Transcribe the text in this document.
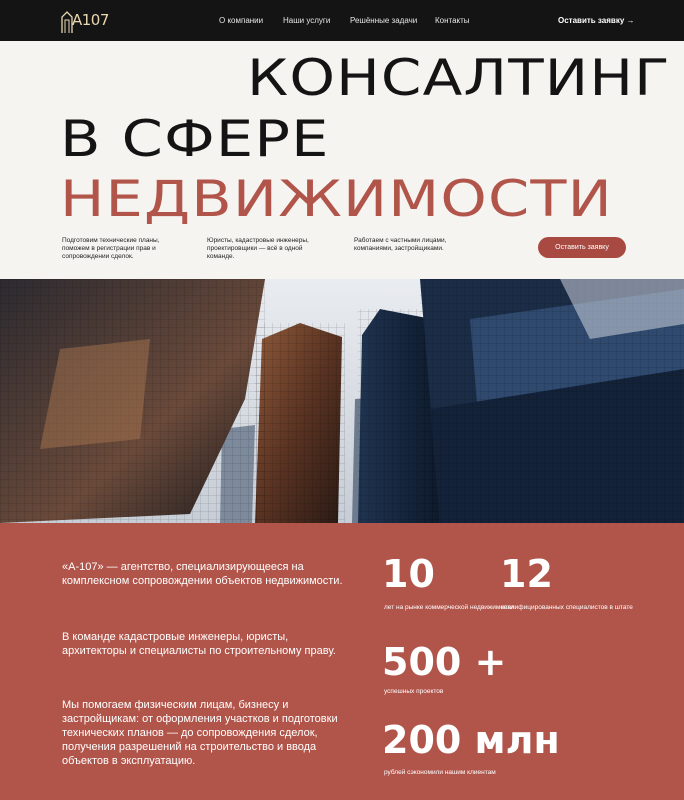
A107	О компании Наши услуги Решённые задачи Контакты	Оставить заявку →
КОНСАЛТИНГ
В СФЕРЕ
НЕДВИЖИМОСТИ
Подготовим технические планы, поможем в регистрации прав и сопровождении сделок.
Юристы, кадастровые инженеры, проектировщики — всё в одной команде.
Работаем с частными лицами, компаниями, застройщиками.	Оставить заявку
«А-107» — агентство, специализирующееся на комплексном сопровождении объектов недвижимости.
В команде кадастровые инженеры, юристы, архитекторы и специалисты по строительному праву.
Мы помогаем физическим лицам, бизнесу и застройщикам: от оформления участков и подготовки технических планов — до сопровождения сделок, получения разрешений на строительство и ввода объектов в эксплуатацию.
10
лет на рынке коммерческой недвижимости
12
квалифицированных специалистов в штате
500 +
успешных проектов
200 млн
рублей сэкономили нашим клиентам
